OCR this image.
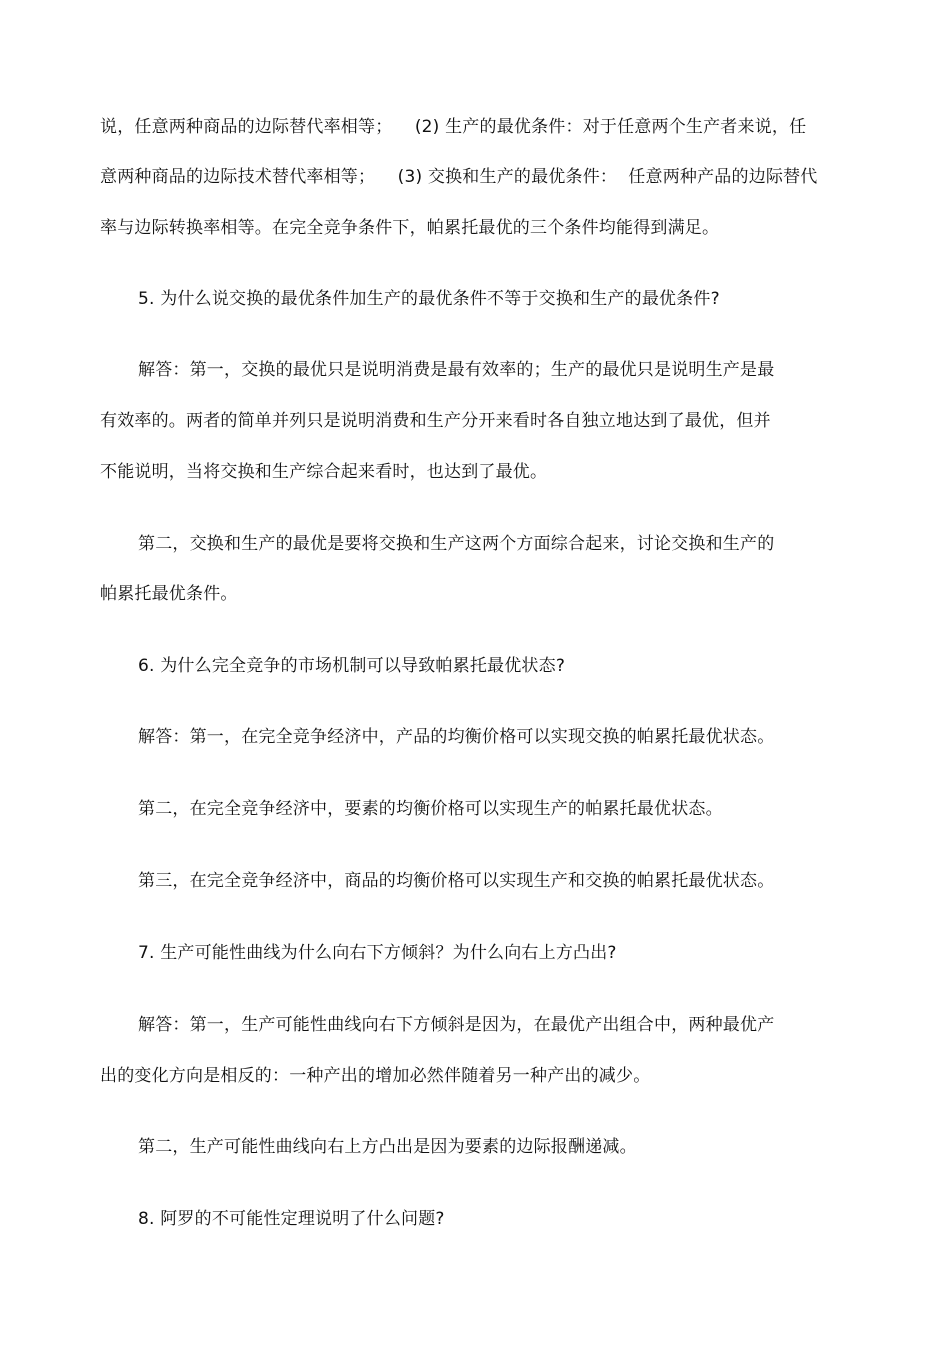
说，任意两种商品的边际替代率相等；    (2) 生产的最优条件：对于任意两个生产者来说，任
意两种商品的边际技术替代率相等；    (3) 交换和生产的最优条件：  任意两种产品的边际替代
率与边际转换率相等。在完全竞争条件下，帕累托最优的三个条件均能得到满足。
5. 为什么说交换的最优条件加生产的最优条件不等于交换和生产的最优条件?
解答：第一，交换的最优只是说明消费是最有效率的；生产的最优只是说明生产是最
有效率的。两者的简单并列只是说明消费和生产分开来看时各自独立地达到了最优，但并
不能说明，当将交换和生产综合起来看时，也达到了最优。
第二，交换和生产的最优是要将交换和生产这两个方面综合起来，讨论交换和生产的
帕累托最优条件。
6. 为什么完全竞争的市场机制可以导致帕累托最优状态?
解答：第一，在完全竞争经济中，产品的均衡价格可以实现交换的帕累托最优状态。
第二，在完全竞争经济中，要素的均衡价格可以实现生产的帕累托最优状态。
第三，在完全竞争经济中，商品的均衡价格可以实现生产和交换的帕累托最优状态。
7. 生产可能性曲线为什么向右下方倾斜？为什么向右上方凸出?
解答：第一，生产可能性曲线向右下方倾斜是因为，在最优产出组合中，两种最优产
出的变化方向是相反的：一种产出的增加必然伴随着另一种产出的减少。
第二，生产可能性曲线向右上方凸出是因为要素的边际报酬递减。
8. 阿罗的不可能性定理说明了什么问题?
